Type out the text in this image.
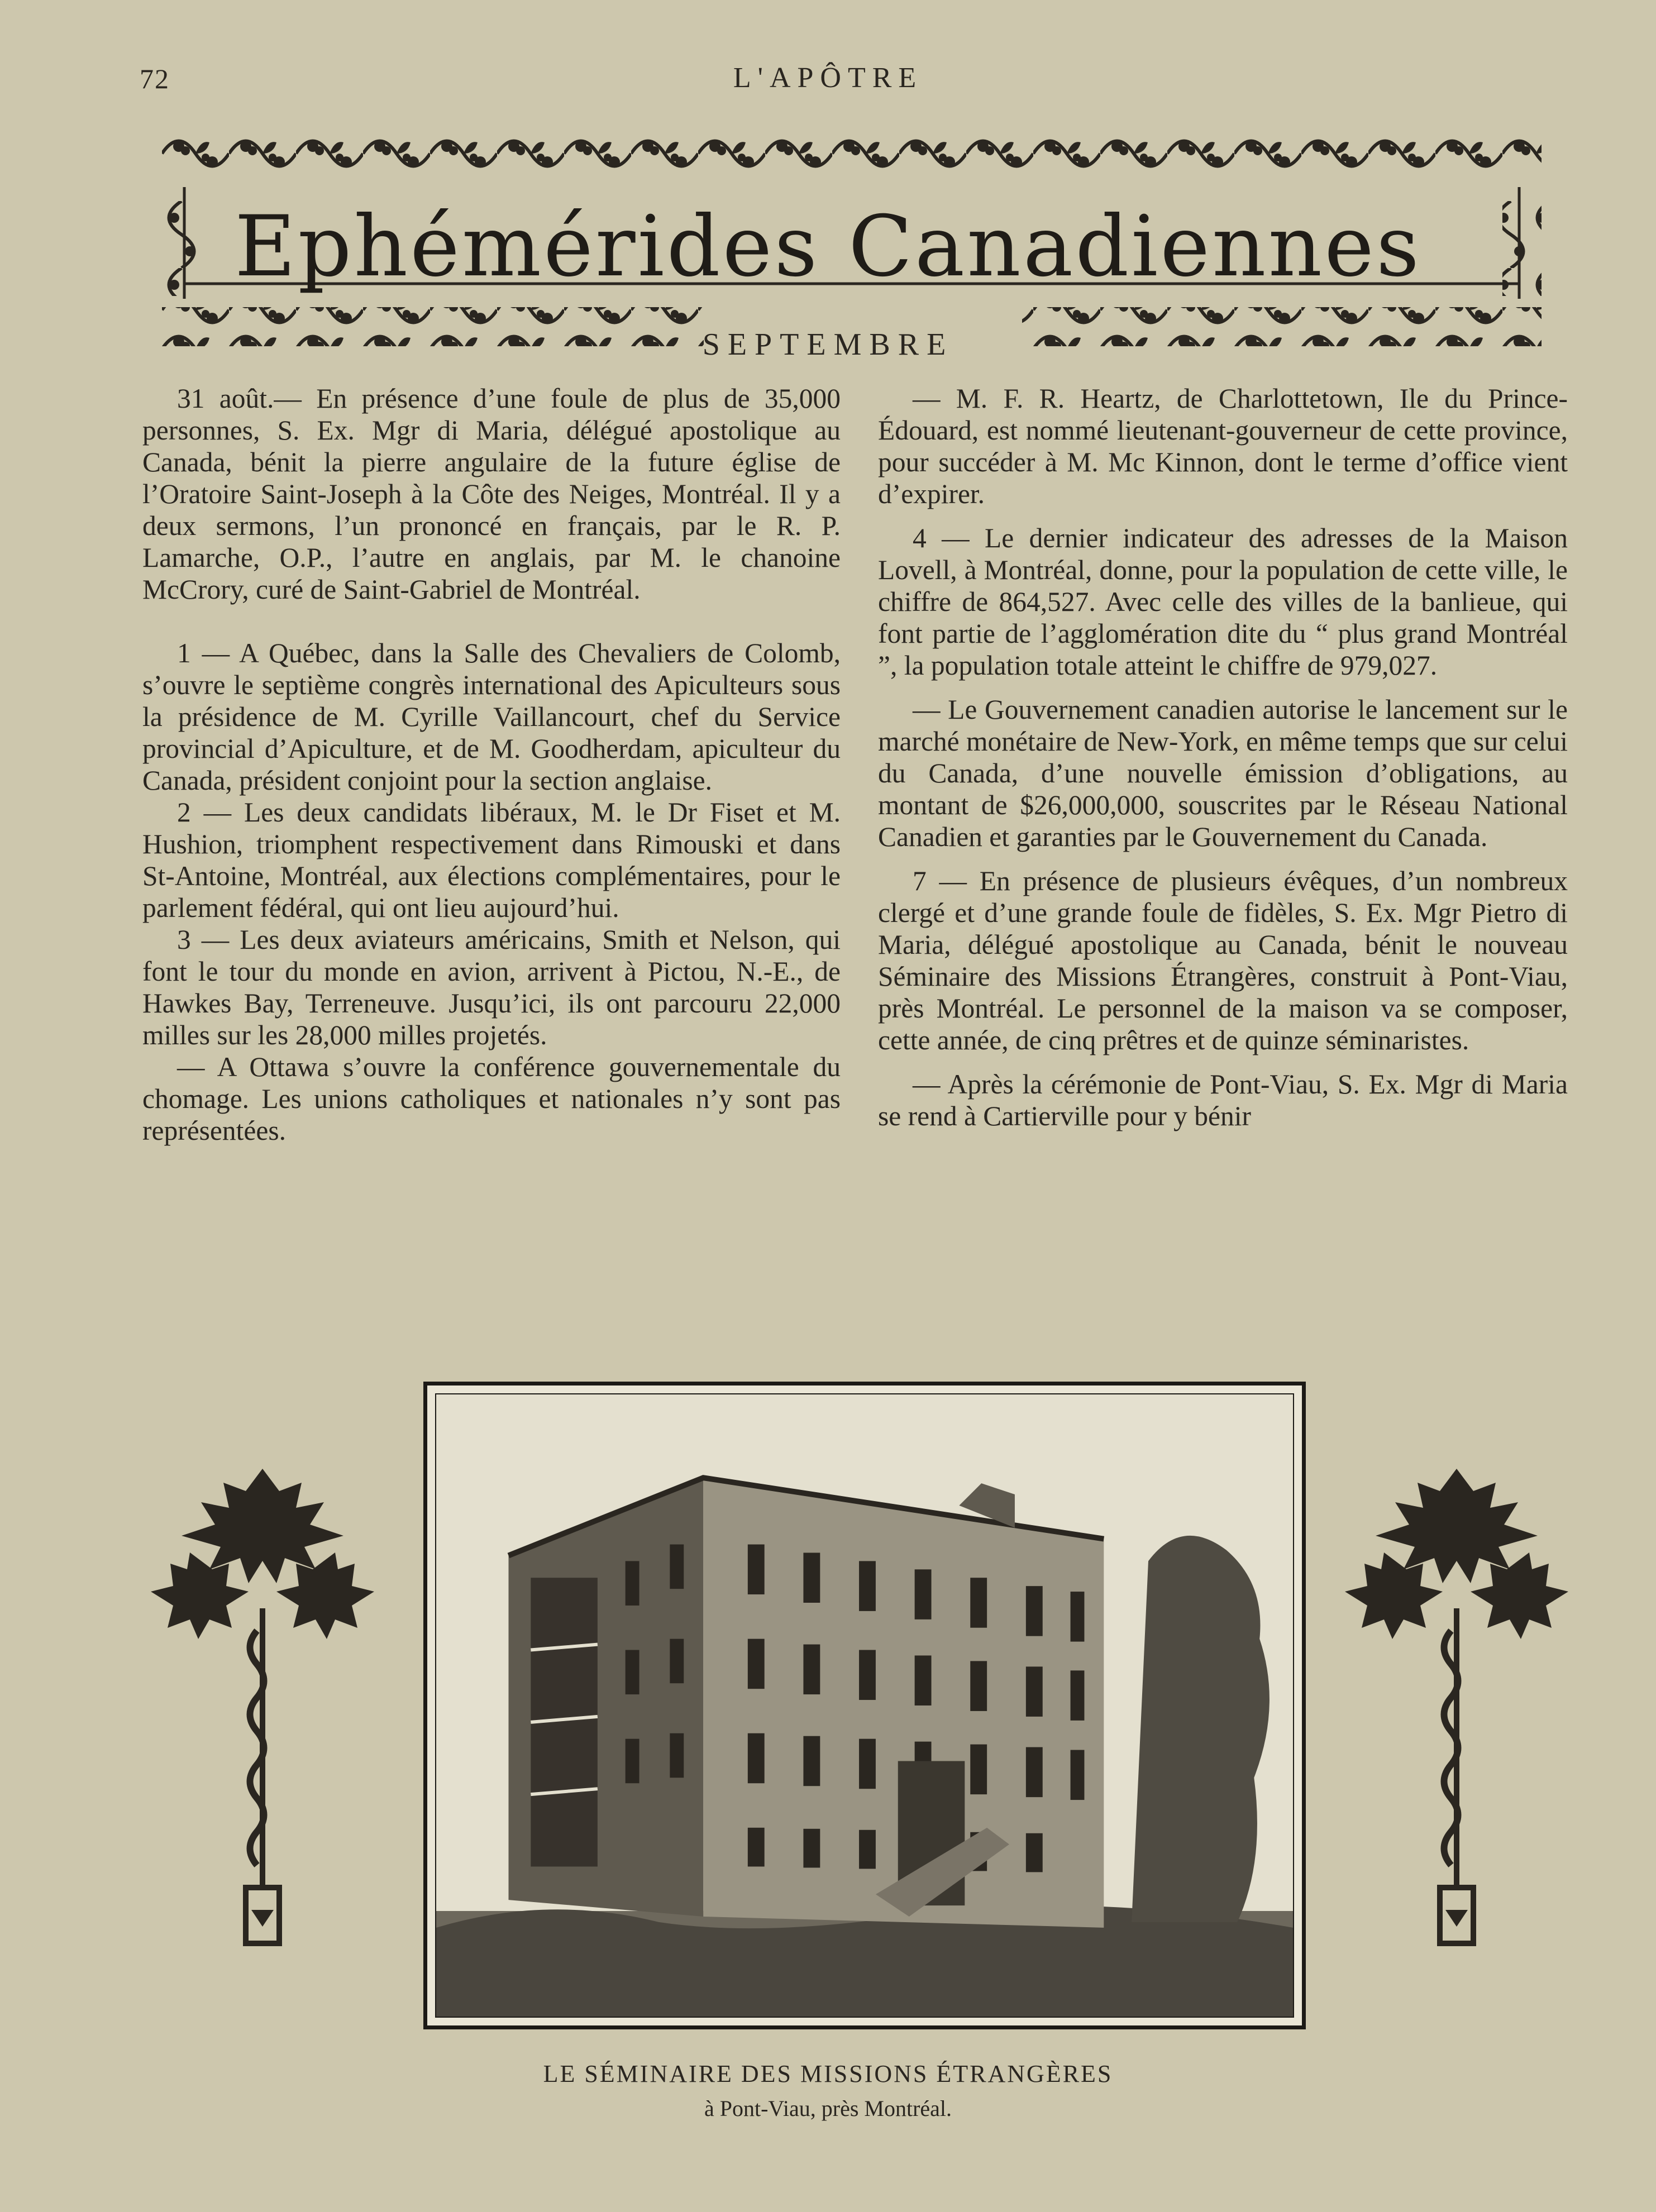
72	L'APÔTRE
Ephémérides Canadiennes
SEPTEMBRE

31 août.— En présence d’une foule de plus de 35,000 personnes, S. Ex. Mgr di Maria, délégué apostolique au Canada, bénit la pierre angulaire de la future église de l’Oratoire Saint-Joseph à la Côte des Neiges, Montréal. Il y a deux sermons, l’un prononcé en français, par le R. P. Lamarche, O.P., l’autre en anglais, par M. le chanoine McCrory, curé de Saint-Gabriel de Montréal.

1 — A Québec, dans la Salle des Chevaliers de Colomb, s’ouvre le septième congrès international des Apiculteurs sous la présidence de M. Cyrille Vaillancourt, chef du Service provincial d’Apiculture, et de M. Goodherdam, apiculteur du Canada, président conjoint pour la section anglaise.

2 — Les deux candidats libéraux, M. le Dr Fiset et M. Hushion, triomphent respectivement dans Rimouski et dans St-Antoine, Montréal, aux élections complémentaires, pour le parlement fédéral, qui ont lieu aujourd’hui.

3 — Les deux aviateurs américains, Smith et Nelson, qui font le tour du monde en avion, arrivent à Pictou, N.-E., de Hawkes Bay, Terreneuve. Jusqu’ici, ils ont parcouru 22,000 milles sur les 28,000 milles projetés.

— A Ottawa s’ouvre la conférence gouvernementale du chomage. Les unions catholiques et nationales n’y sont pas représentées.

— M. F. R. Heartz, de Charlottetown, Ile du Prince-Édouard, est nommé lieutenant-gouverneur de cette province, pour succéder à M. Mc Kinnon, dont le terme d’office vient d’expirer.

4 — Le dernier indicateur des adresses de la Maison Lovell, à Montréal, donne, pour la population de cette ville, le chiffre de 864,527. Avec celle des villes de la banlieue, qui font partie de l’agglomération dite du “ plus grand Montréal ”, la population totale atteint le chiffre de 979,027.

— Le Gouvernement canadien autorise le lancement sur le marché monétaire de New-York, en même temps que sur celui du Canada, d’une nouvelle émission d’obligations, au montant de $26,000,000, souscrites par le Réseau National Canadien et garanties par le Gouvernement du Canada.

7 — En présence de plusieurs évêques, d’un nombreux clergé et d’une grande foule de fidèles, S. Ex. Mgr Pietro di Maria, délégué apostolique au Canada, bénit le nouveau Séminaire des Missions Étrangères, construit à Pont-Viau, près Montréal. Le personnel de la maison va se composer, cette année, de cinq prêtres et de quinze séminaristes.

— Après la cérémonie de Pont-Viau, S. Ex. Mgr di Maria se rend à Cartierville pour y bénir

LE SÉMINAIRE DES MISSIONS ÉTRANGÈRES
à Pont-Viau, près Montréal.
